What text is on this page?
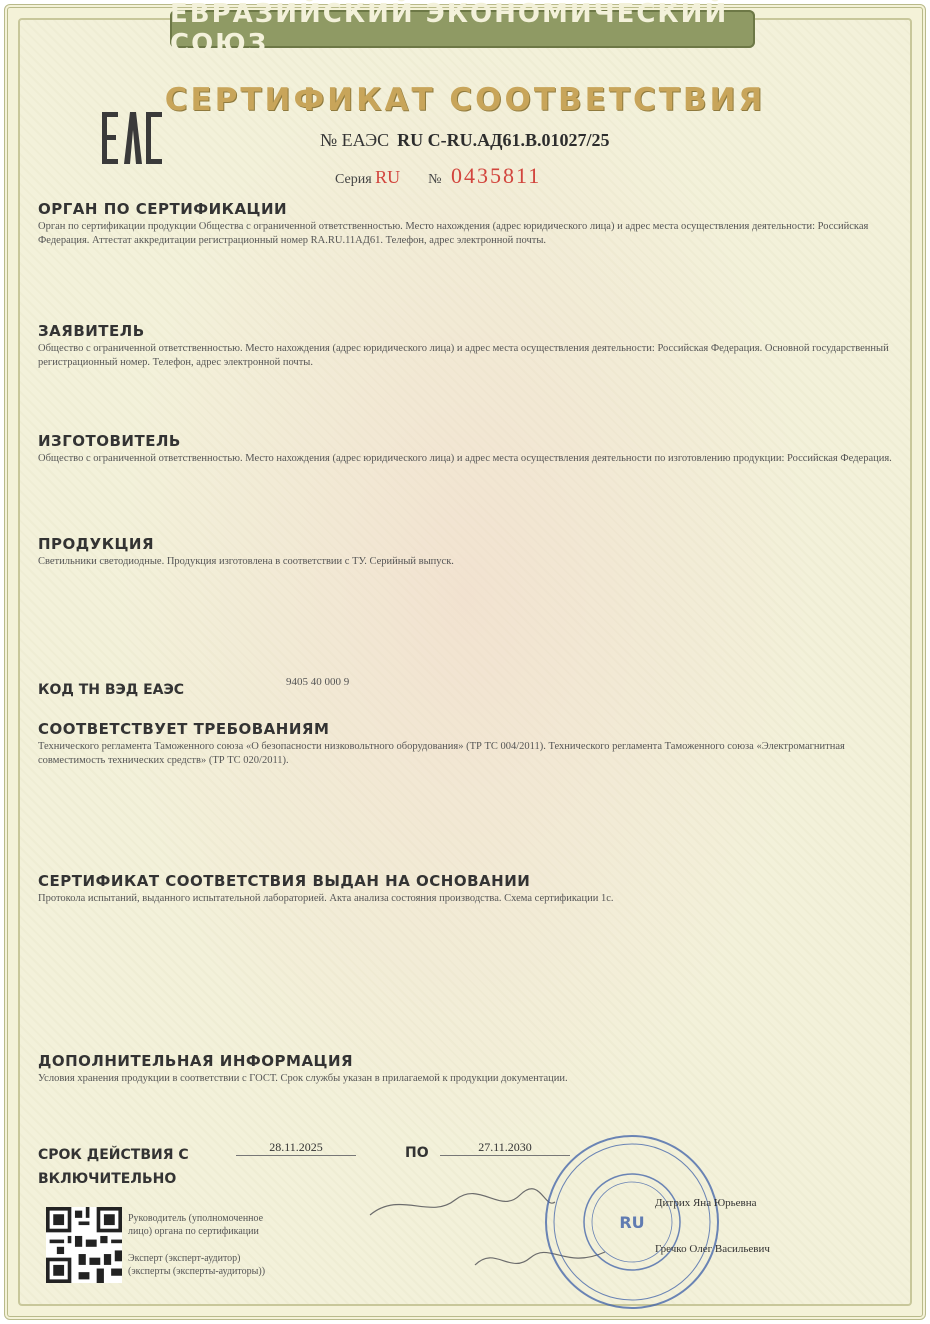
ЕВРАЗИЙСКИЙ ЭКОНОМИЧЕСКИЙ СОЮЗ
СЕРТИФИКАТ СООТВЕТСТВИЯ
№ ЕАЭС RU C-RU.АД61.В.01027/25
Серия RU № 0435811
ОРГАН ПО СЕРТИФИКАЦИИ
Орган по сертификации продукции Общества с ограниченной ответственностью. Место нахождения (адрес юридического лица) и адрес места осуществления деятельности: Российская Федерация. Аттестат аккредитации регистрационный номер RA.RU.11АД61. Телефон, адрес электронной почты.
ЗАЯВИТЕЛЬ
Общество с ограниченной ответственностью. Место нахождения (адрес юридического лица) и адрес места осуществления деятельности: Российская Федерация. Основной государственный регистрационный номер. Телефон, адрес электронной почты.
ИЗГОТОВИТЕЛЬ
Общество с ограниченной ответственностью. Место нахождения (адрес юридического лица) и адрес места осуществления деятельности по изготовлению продукции: Российская Федерация.
ПРОДУКЦИЯ
Светильники светодиодные. Продукция изготовлена в соответствии с ТУ. Серийный выпуск.
КОД ТН ВЭД ЕАЭС	9405 40 000 9
СООТВЕТСТВУЕТ ТРЕБОВАНИЯМ
Технического регламента Таможенного союза «О безопасности низковольтного оборудования» (ТР ТС 004/2011). Технического регламента Таможенного союза «Электромагнитная совместимость технических средств» (ТР ТС 020/2011).
СЕРТИФИКАТ СООТВЕТСТВИЯ ВЫДАН НА ОСНОВАНИИ
Протокола испытаний, выданного испытательной лабораторией. Акта анализа состояния производства. Схема сертификации 1с.
ДОПОЛНИТЕЛЬНАЯ ИНФОРМАЦИЯ
Условия хранения продукции в соответствии с ГОСТ. Срок службы указан в прилагаемой к продукции документации.
СРОК ДЕЙСТВИЯ С
ВКЛЮЧИТЕЛЬНО
28.11.2025	ПО	27.11.2030
Руководитель (уполномоченное
лицо) органа по сертификации
Эксперт (эксперт-аудитор)
(эксперты (эксперты-аудиторы))
RU
Дитрих Яна Юрьевна
Гречко Олег Васильевич
